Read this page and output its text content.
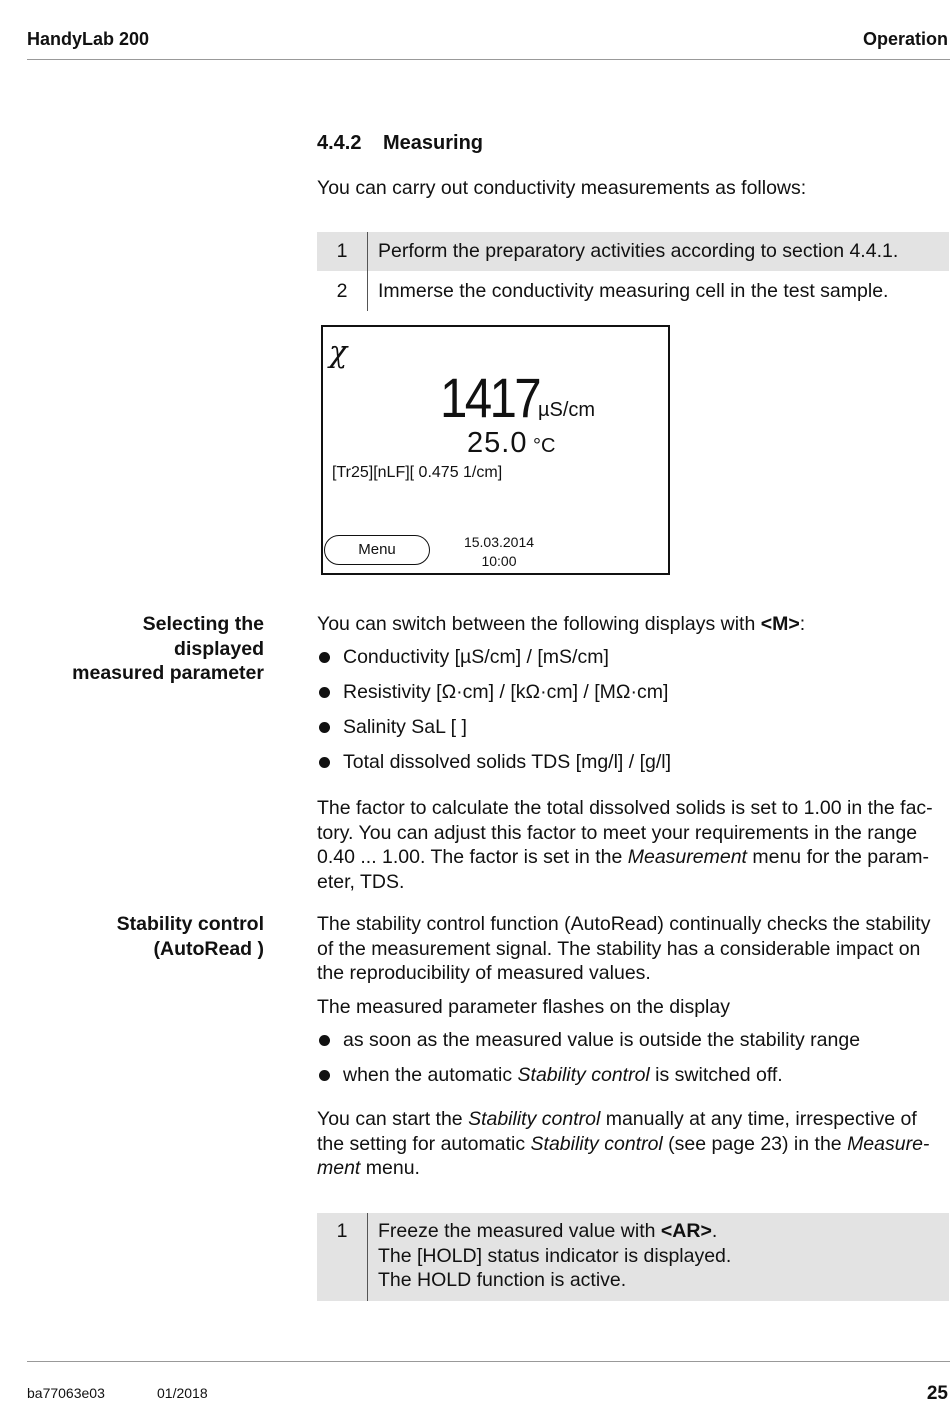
HandyLab 200	Operation
4.4.2 Measuring
You can carry out conductivity measurements as follows:
1	Perform the preparatory activities according to section 4.4.1.
2	Immerse the conductivity measuring cell in the test sample.
χ
1417
µS/cm
25.0 °C
[Tr25][nLF][ 0.475 1/cm]
Menu	15.03.2014
10:00
Selecting the
displayed
measured parameter
You can switch between the following displays with <M>:
Conductivity [µS/cm] / [mS/cm]
Resistivity [Ω·cm] / [kΩ·cm] / [MΩ·cm]
Salinity SaL [ ]
Total dissolved solids TDS [mg/l] / [g/l]
The factor to calculate the total dissolved solids is set to 1.00 in the fac-tory. You can adjust this factor to meet your requirements in the range 0.40 ... 1.00. The factor is set in the Measurement menu for the param-eter, TDS.
Stability control
(AutoRead )
The stability control function (AutoRead) continually checks the stability of the measurement signal. The stability has a considerable impact on the reproducibility of measured values.
The measured parameter flashes on the display
as soon as the measured value is outside the stability range
when the automatic Stability control is switched off.
You can start the Stability control manually at any time, irrespective of the setting for automatic Stability control (see page 23) in the Measure-ment menu.
1	Freeze the measured value with <AR>.
The [HOLD] status indicator is displayed.
The HOLD function is active.
ba77063e03	01/2018	25
